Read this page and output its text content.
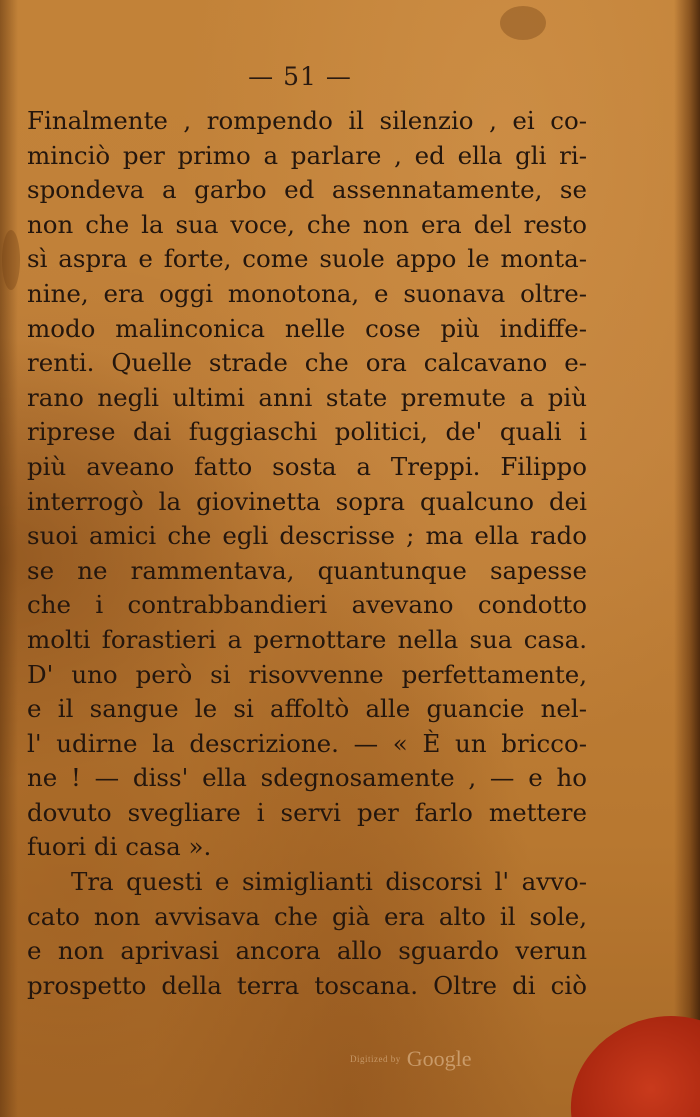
— 51 —
Finalmente , rompendo il silenzio , ei co-
minciò per primo a parlare , ed ella gli ri-
spondeva a garbo ed assennatamente, se
non che la sua voce, che non era del resto
sì aspra e forte, come suole appo le monta-
nine, era oggi monotona, e suonava oltre-
modo malinconica nelle cose più indiffe-
renti. Quelle strade che ora calcavano e-
rano negli ultimi anni state premute a più
riprese dai fuggiaschi politici, de' quali i
più aveano fatto sosta a Treppi. Filippo
interrogò la giovinetta sopra qualcuno dei
suoi amici che egli descrisse ; ma ella rado
se ne rammentava, quantunque sapesse
che i contrabbandieri avevano condotto
molti forastieri a pernottare nella sua casa.
D' uno però si risovvenne perfettamente,
e il sangue le si affoltò alle guancie nel-
l' udirne la descrizione. — « È un bricco-
ne ! — diss' ella sdegnosamente , — e ho
dovuto svegliare i servi per farlo mettere
fuori di casa ».
Tra questi e simiglianti discorsi l' avvo-
cato non avvisava che già era alto il sole,
e non aprivasi ancora allo sguardo verun
prospetto della terra toscana. Oltre di ciò
Digitized by Google
